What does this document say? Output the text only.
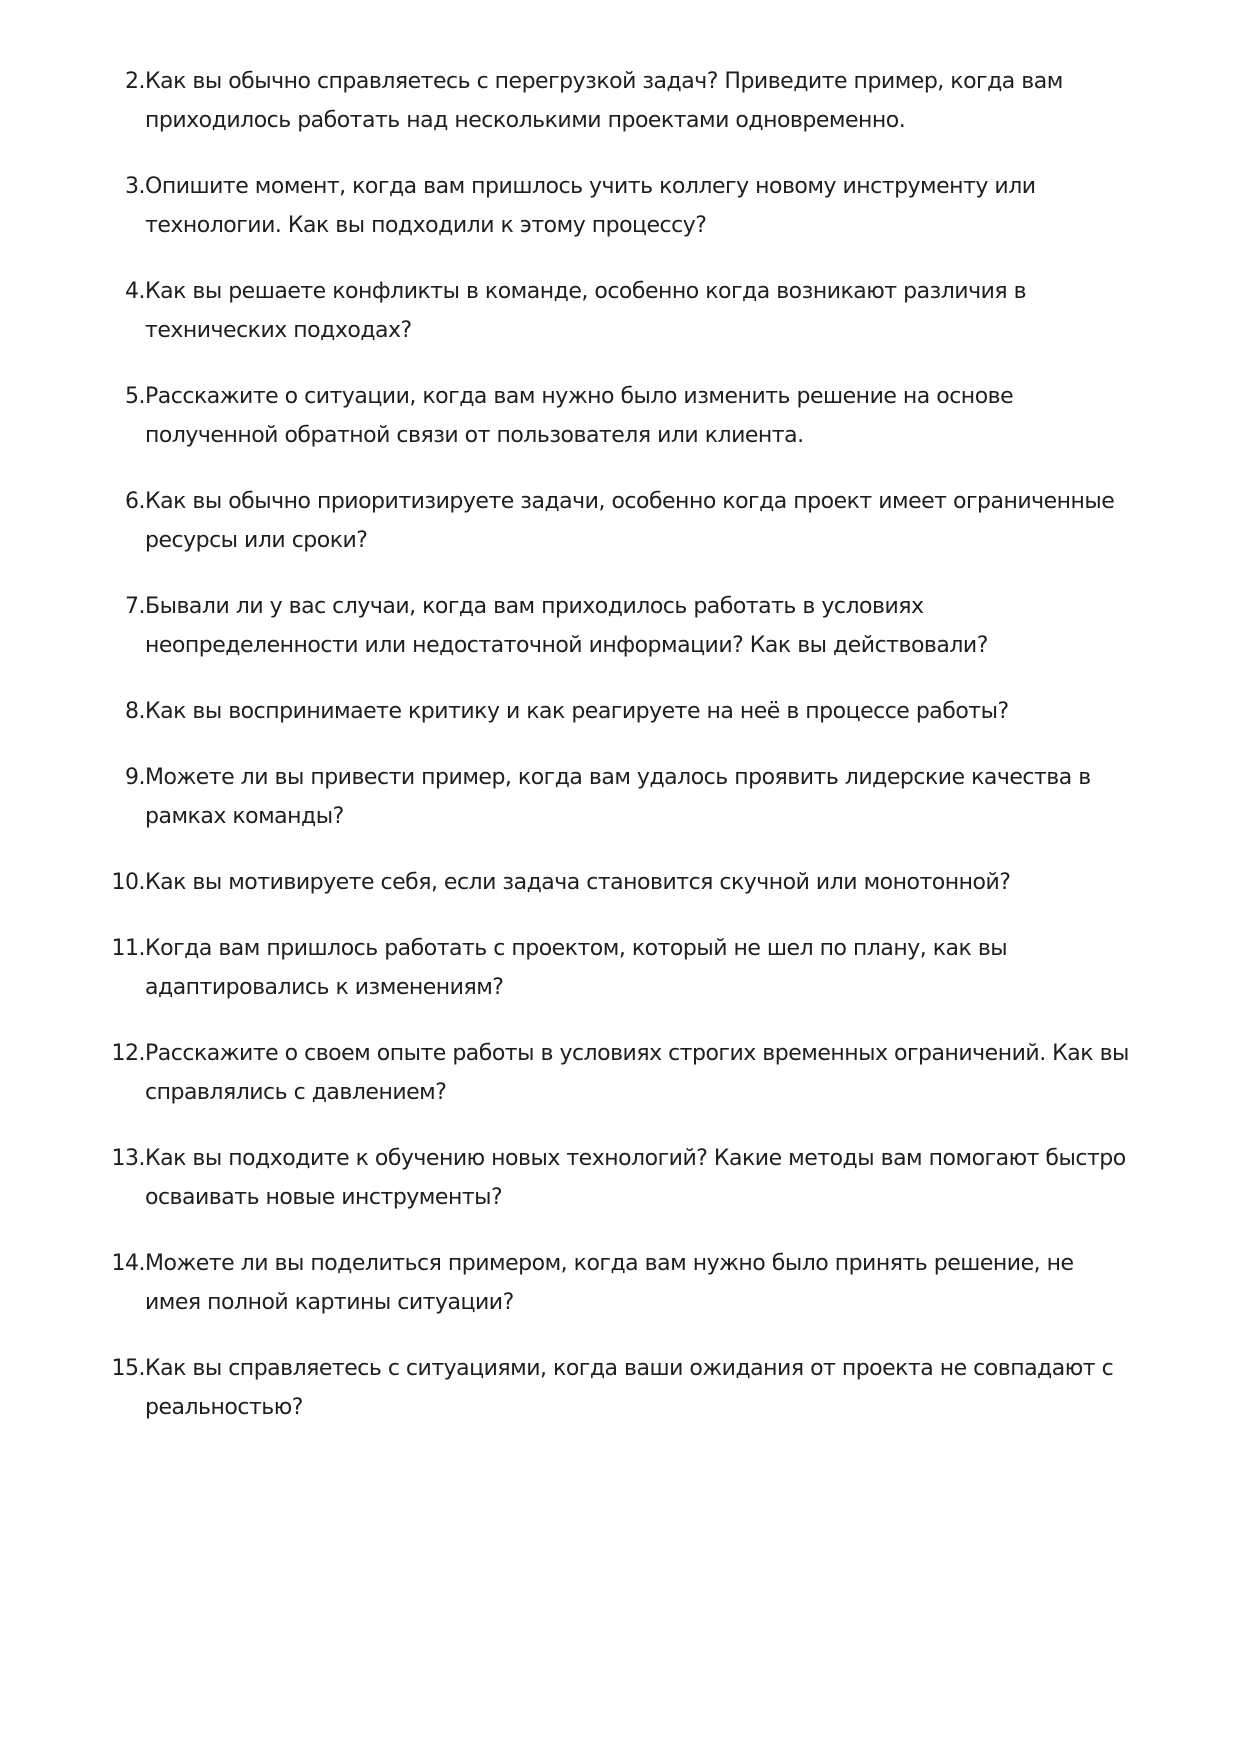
2. Как вы обычно справляетесь с перегрузкой задач? Приведите пример, когда вам
приходилось работать над несколькими проектами одновременно.
3. Опишите момент, когда вам пришлось учить коллегу новому инструменту или
технологии. Как вы подходили к этому процессу?
4. Как вы решаете конфликты в команде, особенно когда возникают различия в
технических подходах?
5. Расскажите о ситуации, когда вам нужно было изменить решение на основе
полученной обратной связи от пользователя или клиента.
6. Как вы обычно приоритизируете задачи, особенно когда проект имеет ограниченные
ресурсы или сроки?
7. Бывали ли у вас случаи, когда вам приходилось работать в условиях
неопределенности или недостаточной информации? Как вы действовали?
8. Как вы воспринимаете критику и как реагируете на неё в процессе работы?
9. Можете ли вы привести пример, когда вам удалось проявить лидерские качества в
рамках команды?
10. Как вы мотивируете себя, если задача становится скучной или монотонной?
11. Когда вам пришлось работать с проектом, который не шел по плану, как вы
адаптировались к изменениям?
12. Расскажите о своем опыте работы в условиях строгих временных ограничений. Как вы
справлялись с давлением?
13. Как вы подходите к обучению новых технологий? Какие методы вам помогают быстро
осваивать новые инструменты?
14. Можете ли вы поделиться примером, когда вам нужно было принять решение, не
имея полной картины ситуации?
15. Как вы справляетесь с ситуациями, когда ваши ожидания от проекта не совпадают с
реальностью?
